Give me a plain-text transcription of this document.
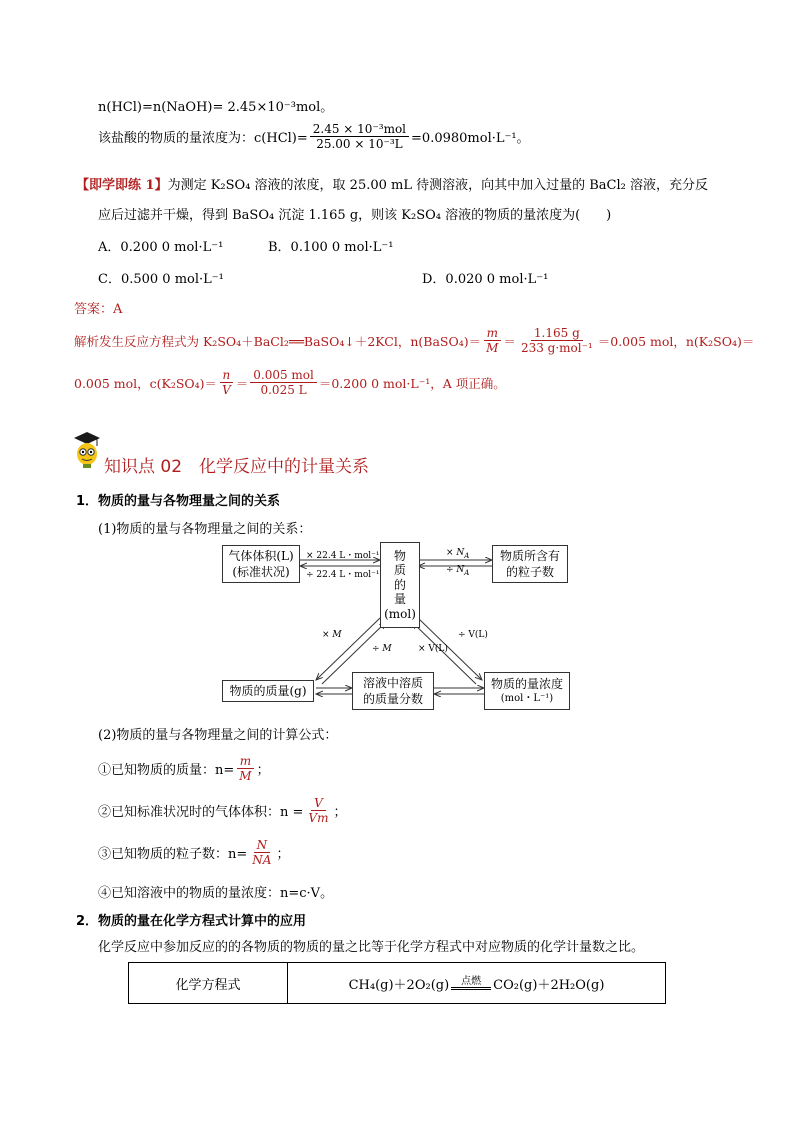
n(HCl)=n(NaOH)= 2.45×10⁻³mol。
该盐酸的物质的量浓度为：$c(HCl)= \frac{\text{2.45 × 10⁻³mol}}{\text{25.00 × 10⁻³L}} =0.0980mol\cdot L^{-1}$。
【即学即练 1】为测定 K₂SO₄ 溶液的浓度，取 25.00 mL 待测溶液，向其中加入过量的 BaCl₂ 溶液，充分反
应后过滤并干燥，得到 BaSO₄ 沉淀 1.165 g，则该 K₂SO₄ 溶液的物质的量浓度为(　　)
A．0.200 0 mol·L⁻¹	B．0.100 0 mol·L⁻¹
C．0.500 0 mol·L⁻¹	D．0.020 0 mol·L⁻¹
答案：A
解析发生反应方程式为 K₂SO₄＋BaCl₂══BaSO₄↓＋2KCl，n(BaSO₄)＝ $\frac{m}{M} = \frac{1.165 g}{\text{233 g·mol⁻¹}} =0.005$ mol，n(K₂SO₄)＝
0.005 mol，$c(K_2SO_4)= \frac{n}{V} = \frac{\text{0.005 mol}}{0.025 L} =0.200$ 0 mol·L⁻¹，A 项正确。
知识点 02　化学反应中的计量关系
1．物质的量与各物理量之间的关系
(1)物质的量与各物理量之间的关系：
气体体积(L)
(标准状况)
物
质
的
量
(mol)
物质所含有
的粒子数
物质的质量(g)
溶液中溶质
的质量分数
物质的量浓度
(mol・L⁻¹)
× 22.4 L・mol⁻¹
÷ 22.4 L・mol⁻¹
× $N_A$
÷ $N_A$
× M
÷ M
÷ V(L)
× V(L)
(2)物质的量与各物理量之间的计算公式：
①已知物质的质量：$n= \frac{m}{M}$ ；
②已知标准状况时的气体体积：$n = \frac{V}{Vm}$ ；
③已知物质的粒子数：$n= \frac{N}{NA}$ ；
④已知溶液中的物质的量浓度：n=c·V。
2．物质的量在化学方程式计算中的应用
化学反应中参加反应的的各物质的物质的量之比等于化学方程式中对应物质的化学计量数之比。
化学方程式	CH₄(g)＋2O₂(g) 点燃 CO₂(g)＋2H₂O(g)
